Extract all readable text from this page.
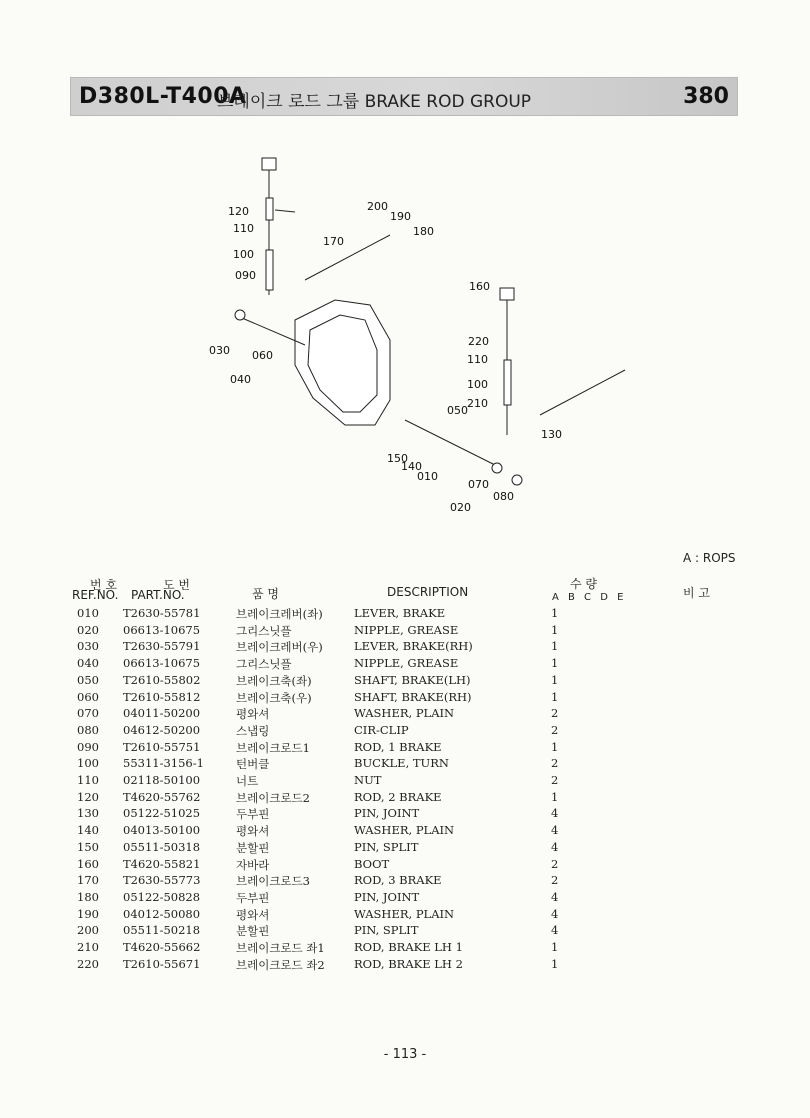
D380L-T400A
브레이크 로드 그룹 BRAKE ROD GROUP	380
120
110
100
090
030 060
040
200
190
180
170
160
220
110
100
210
050
130
150
140
010
070
080
020
A : ROPS
번 호
REF.NO.
도 번
PART.NO.	품 명	DESCRIPTION
수 량
A B C D E	비 고
010 T2630-55781	브레이크레버(좌)	LEVER, BRAKE	1
020 06613-10675	그리스닛플	NIPPLE, GREASE	1
030 T2630-55791	브레이크레버(우)	LEVER, BRAKE(RH)	1
040 06613-10675	그리스닛플	NIPPLE, GREASE	1
050 T2610-55802	브레이크축(좌)	SHAFT, BRAKE(LH)	1
060 T2610-55812	브레이크축(우)	SHAFT, BRAKE(RH)	1
070 04011-50200	평와셔	WASHER, PLAIN	2
080 04612-50200	스냅링	CIR-CLIP	2
090 T2610-55751	브레이크로드1	ROD, 1 BRAKE	1
100 55311-3156-1	턴버클	BUCKLE, TURN	2
110 02118-50100	너트	NUT	2
120 T4620-55762	브레이크로드2	ROD, 2 BRAKE	1
130 05122-51025	두부핀	PIN, JOINT	4
140 04013-50100	평와셔	WASHER, PLAIN	4
150 05511-50318	분할핀	PIN, SPLIT	4
160 T4620-55821	자바라	BOOT	2
170 T2630-55773	브레이크로드3	ROD, 3 BRAKE	2
180 05122-50828	두부핀	PIN, JOINT	4
190 04012-50080	평와셔	WASHER, PLAIN	4
200 05511-50218	분할핀	PIN, SPLIT	4
210 T4620-55662	브레이크로드 좌1	ROD, BRAKE LH 1	1
220 T2610-55671	브레이크로드 좌2	ROD, BRAKE LH 2	1
- 113 -
